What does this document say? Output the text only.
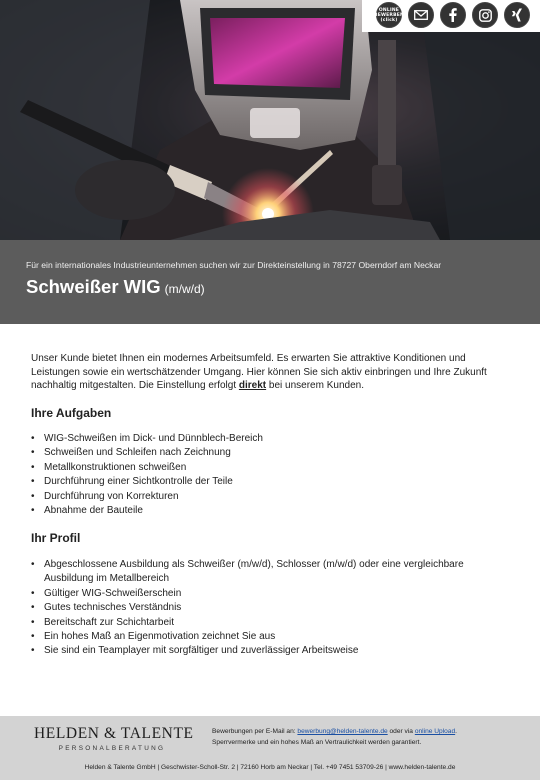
ONLINE BEWERBEN (click)
Für ein internationales Industrieunternehmen suchen wir zur Direkteinstellung in 78727 Oberndorf am Neckar
Schweißer WIG (m/w/d)

Unser Kunde bietet Ihnen ein modernes Arbeitsumfeld. Es erwarten Sie attraktive Konditionen und Leistungen sowie ein wertschätzender Umgang. Hier können Sie sich aktiv einbringen und Ihre Zukunft nachhaltig mitgestalten. Die Einstellung erfolgt direkt bei unserem Kunden.

Ihre Aufgaben
• WIG-Schweißen im Dick- und Dünnblech-Bereich
• Schweißen und Schleifen nach Zeichnung
• Metallkonstruktionen schweißen
• Durchführung einer Sichtkontrolle der Teile
• Durchführung von Korrekturen
• Abnahme der Bauteile
Ihr Profil
• Abgeschlossene Ausbildung als Schweißer (m/w/d), Schlosser (m/w/d) oder eine vergleichbare Ausbildung im Metallbereich
• Gültiger WIG-Schweißerschein
• Gutes technisches Verständnis
• Bereitschaft zur Schichtarbeit
• Ein hohes Maß an Eigenmotivation zeichnet Sie aus
• Sie sind ein Teamplayer mit sorgfältiger und zuverlässiger Arbeitsweise
HELDEN & TALENTE
PERSONALBERATUNG
Bewerbungen per E-Mail an: bewerbung@helden-talente.de oder via online Upload.
Sperrvermerke und ein hohes Maß an Vertraulichkeit werden garantiert.
Helden & Talente GmbH | Geschwister-Scholl-Str. 2 | 72160 Horb am Neckar | Tel. +49 7451 53709-26 | www.helden-talente.de
